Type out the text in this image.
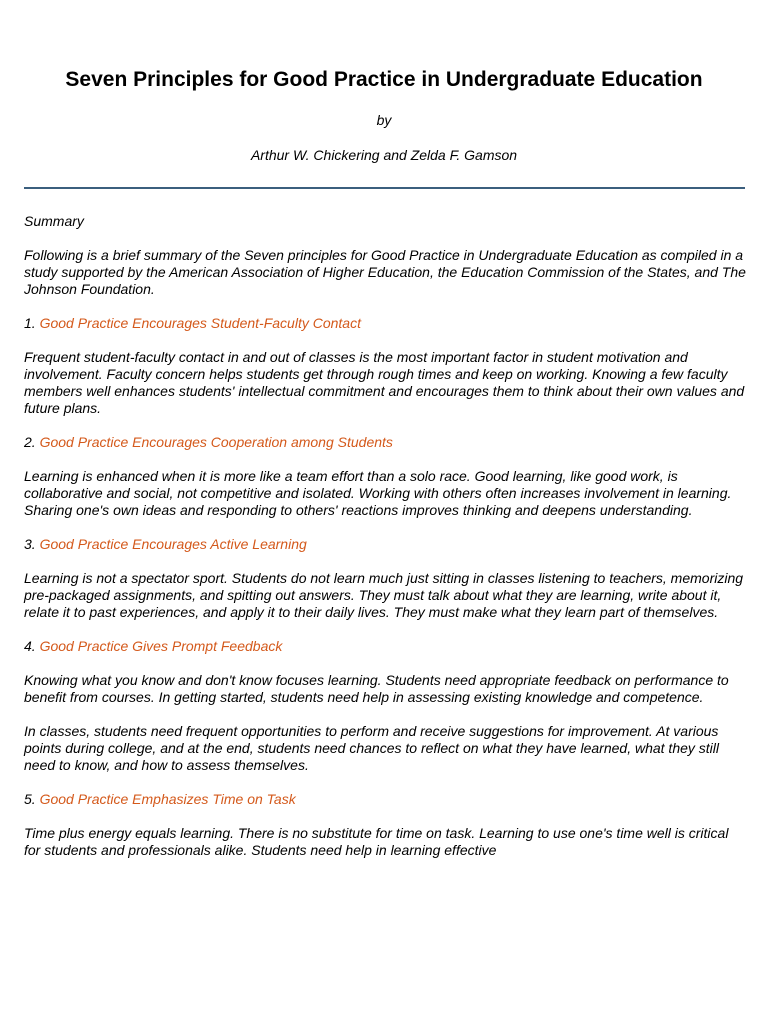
Seven Principles for Good Practice in Undergraduate Education
by
Arthur W. Chickering and Zelda F. Gamson

Summary

Following is a brief summary of the Seven principles for Good Practice in Undergraduate Education as compiled in a study supported by the American Association of Higher Education, the Education Commission of the States, and The Johnson Foundation.

1. Good Practice Encourages Student-Faculty Contact

Frequent student-faculty contact in and out of classes is the most important factor in student motivation and involvement. Faculty concern helps students get through rough times and keep on working. Knowing a few faculty members well enhances students' intellectual commitment and encourages them to think about their own values and future plans.

2. Good Practice Encourages Cooperation among Students

Learning is enhanced when it is more like a team effort than a solo race. Good learning, like good work, is collaborative and social, not competitive and isolated. Working with others often increases involvement in learning. Sharing one's own ideas and responding to others' reactions improves thinking and deepens understanding.

3. Good Practice Encourages Active Learning

Learning is not a spectator sport. Students do not learn much just sitting in classes listening to teachers, memorizing pre-packaged assignments, and spitting out answers. They must talk about what they are learning, write about it, relate it to past experiences, and apply it to their daily lives. They must make what they learn part of themselves.

4. Good Practice Gives Prompt Feedback

Knowing what you know and don't know focuses learning. Students need appropriate feedback on performance to benefit from courses. In getting started, students need help in assessing existing knowledge and competence.

In classes, students need frequent opportunities to perform and receive suggestions for improvement. At various points during college, and at the end, students need chances to reflect on what they have learned, what they still need to know, and how to assess themselves.

5. Good Practice Emphasizes Time on Task

Time plus energy equals learning. There is no substitute for time on task. Learning to use one's time well is critical for students and professionals alike. Students need help in learning effective
